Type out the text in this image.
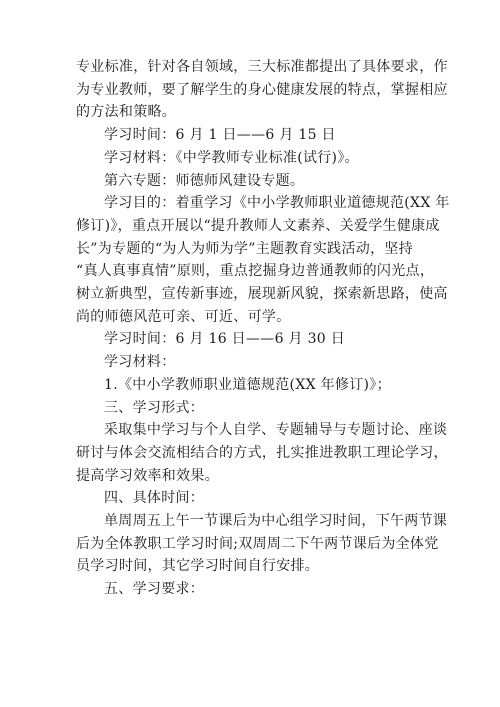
专业标准，针对各自领域，三大标准都提出了具体要求，作
为专业教师，要了解学生的身心健康发展的特点，掌握相应
的方法和策略。
学习时间：6 月 1 日——6 月 15 日
学习材料：《中学教师专业标准(试行)》。
第六专题：师德师风建设专题。
学习目的：着重学习《中小学教师职业道德规范(XX 年
修订)》，重点开展以“提升教师人文素养、关爱学生健康成
长”为专题的“为人为师为学”主题教育实践活动，坚持
“真人真事真情”原则，重点挖掘身边普通教师的闪光点，
树立新典型，宣传新事迹，展现新风貌，探索新思路，使高
尚的师德风范可亲、可近、可学。
学习时间：6 月 16 日——6 月 30 日
学习材料：
1.《中小学教师职业道德规范(XX 年修订)》；
三、学习形式：
采取集中学习与个人自学、专题辅导与专题讨论、座谈
研讨与体会交流相结合的方式，扎实推进教职工理论学习，
提高学习效率和效果。
四、具体时间：
单周周五上午一节课后为中心组学习时间，下午两节课
后为全体教职工学习时间;双周周二下午两节课后为全体党
员学习时间，其它学习时间自行安排。
五、学习要求：
